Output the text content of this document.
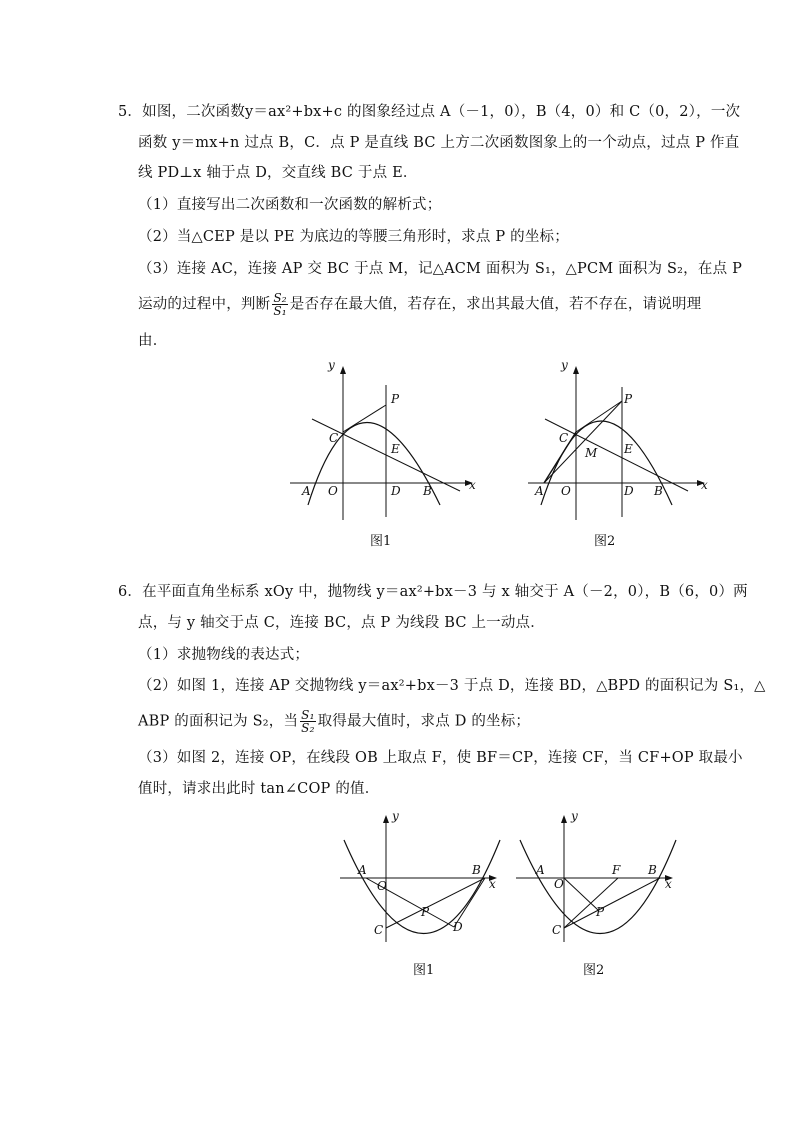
5．如图，二次函数y＝ax²+bx+c 的图象经过点 A（－1，0），B（4，0）和 C（0，2），一次
函数 y＝mx+n 过点 B，C．点 P 是直线 BC 上方二次函数图象上的一个动点，过点 P 作直
线 PD⊥x 轴于点 D，交直线 BC 于点 E．
（1）直接写出二次函数和一次函数的解析式；
（2）当△CEP 是以 PE 为底边的等腰三角形时，求点 P 的坐标；
（3）连接 AC，连接 AP 交 BC 于点 M，记△ACM 面积为 S₁，△PCM 面积为 S₂，在点 P
运动的过程中，判断 $\frac{\text{S₂}}{\text{S₁}}$ 是否存在最大值，若存在，求出其最大值，若不存在，请说明理
由．
y
x
A O	D B
C
E
P
图1
y
x
A O	D B
C
M E
P
图2
6．在平面直角坐标系 xOy 中，抛物线 y＝ax²+bx－3 与 x 轴交于 A（－2，0），B（6，0）两
点，与 y 轴交于点 C，连接 BC，点 P 为线段 BC 上一动点．
（1）求抛物线的表达式；
（2）如图 1，连接 AP 交抛物线 y＝ax²+bx－3 于点 D，连接 BD，△BPD 的面积记为 S₁，△
ABP 的面积记为 S₂，当 $\frac{\text{S₁}}{\text{S₂}}$ 取得最大值时，求点 D 的坐标；
（3）如图 2，连接 OP，在线段 OB 上取点 F，使 BF＝CP，连接 CF，当 CF+OP 取最小
值时，请求出此时 tan∠COP 的值．
y
x
A
O
B
C
P
D
图1
y
x
A
O
F B
C
P
图2
